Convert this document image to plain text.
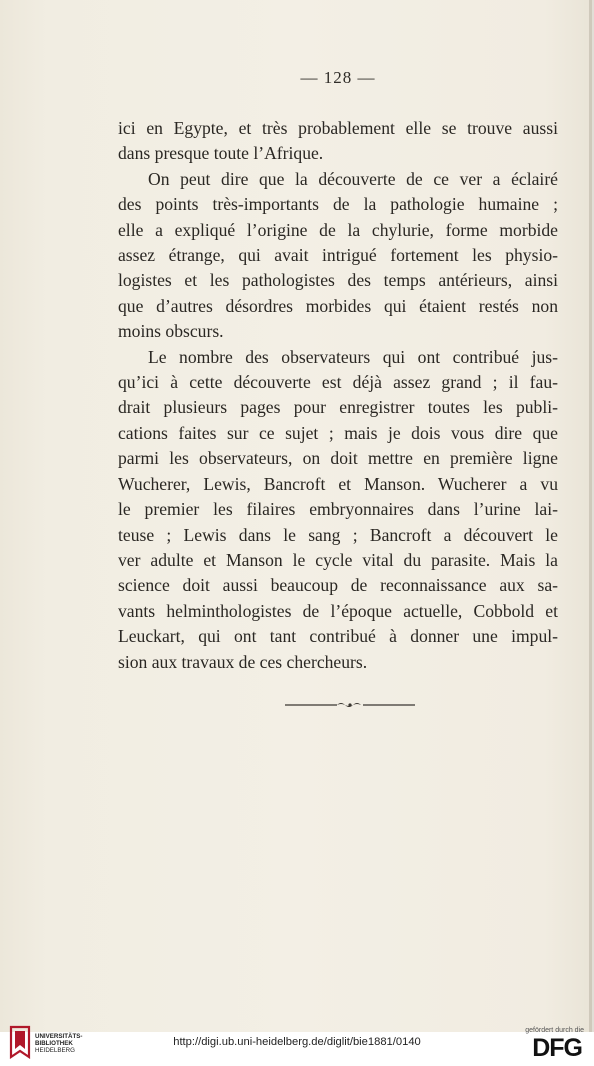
— 128 —

ici en Egypte, et très probablement elle se trouve aussi
dans presque toute l’Afrique.

On peut dire que la découverte de ce ver a éclairé
des points très-importants de la pathologie humaine ;
elle a expliqué l’origine de la chylurie, forme morbide
assez étrange, qui avait intrigué fortement les physio-
logistes et les pathologistes des temps antérieurs, ainsi
que d’autres désordres morbides qui étaient restés non
moins obscurs.

Le nombre des observateurs qui ont contribué jus-
qu’ici à cette découverte est déjà assez grand ; il fau-
drait plusieurs pages pour enregistrer toutes les publi-
cations faites sur ce sujet ; mais je dois vous dire que
parmi les observateurs, on doit mettre en première ligne
Wucherer, Lewis, Bancroft et Manson. Wucherer a vu
le premier les filaires embryonnaires dans l’urine lai-
teuse ; Lewis dans le sang ; Bancroft a découvert le
ver adulte et Manson le cycle vital du parasite. Mais la
science doit aussi beaucoup de reconnaissance aux sa-
vants helminthologistes de l’époque actuelle, Cobbold et
Leuckart, qui ont tant contribué à donner une impul-
sion aux travaux de ces chercheurs.

UNIVERSITÄTS-
BIBLIOTHEK
HEIDELBERG
http://digi.ub.uni-heidelberg.de/diglit/bie1881/0140
gefördert durch die
DFG
